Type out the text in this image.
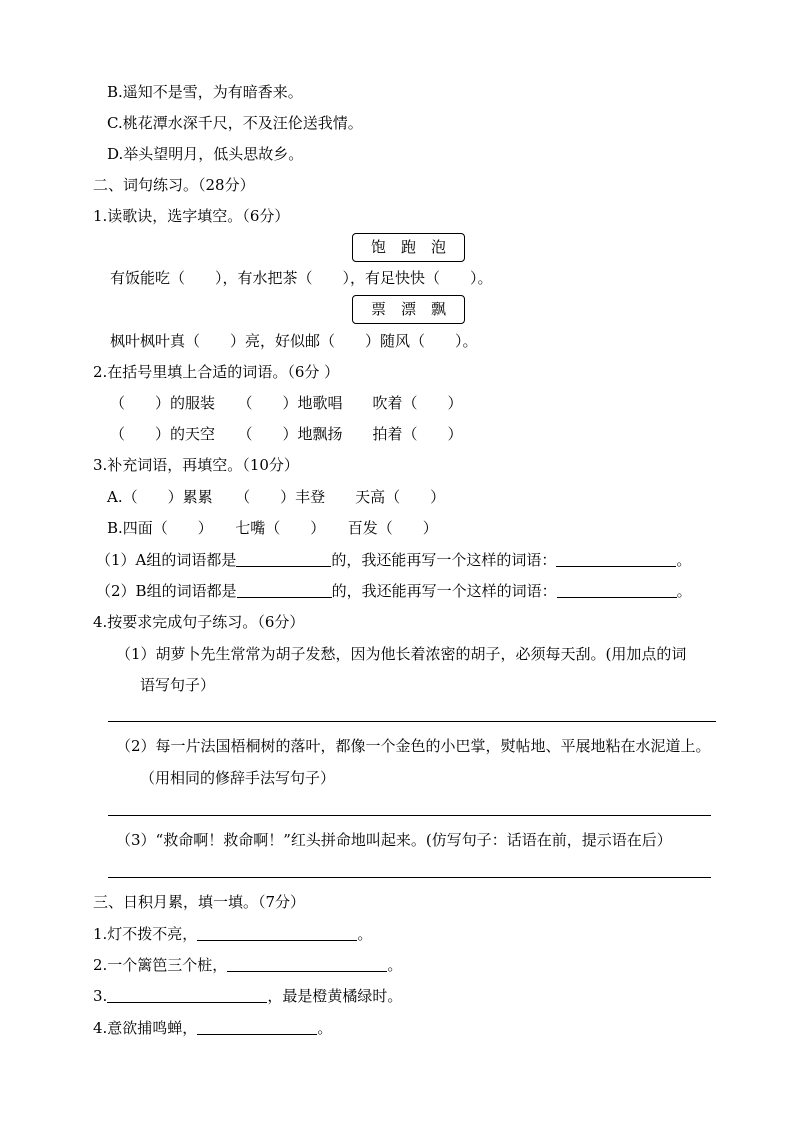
B.遥知不是雪，为有暗香来。
C.桃花潭水深千尺，不及汪伦送我情。
D.举头望明月，低头思故乡。
二、词句练习。（28分）
1.读歌诀，选字填空。（6分）
饱　跑　泡
有饭能吃（　　），有水把茶（　　），有足快快（　　）。
票　漂　飘
枫叶枫叶真（　　）亮，好似邮（　　）随风（　　）。
2.在括号里填上合适的词语。（6分 ）
（　　）的服装　　（　　）地歌唱　　吹着（　　）
（　　）的天空　　（　　）地飘扬　　拍着（　　）
3.补充词语，再填空。（10分）
A.（　　）累累　　（　　）丰登　　天高（　　）
B.四面（　　）　　七嘴（　　）　　百发（　　）
（1）A组的词语都是	的，我还能再写一个这样的词语：	。
（2）B组的词语都是	的，我还能再写一个这样的词语：	。
4.按要求完成句子练习。（6分）
（1）胡萝卜先生常常为胡子发愁，因为他长着浓密的胡子，必须每天刮。(用加点的词
语写句子）
（2）每一片法国梧桐树的落叶，都像一个金色的小巴掌，熨帖地、平展地粘在水泥道上。
（用相同的修辞手法写句子）
（3）“救命啊！救命啊！”红头拼命地叫起来。(仿写句子：话语在前，提示语在后）
三、日积月累，填一填。（7分）
1.灯不拨不亮，	。
2.一个篱笆三个桩，	。
3.	，最是橙黄橘绿时。
4.意欲捕鸣蝉，	。
